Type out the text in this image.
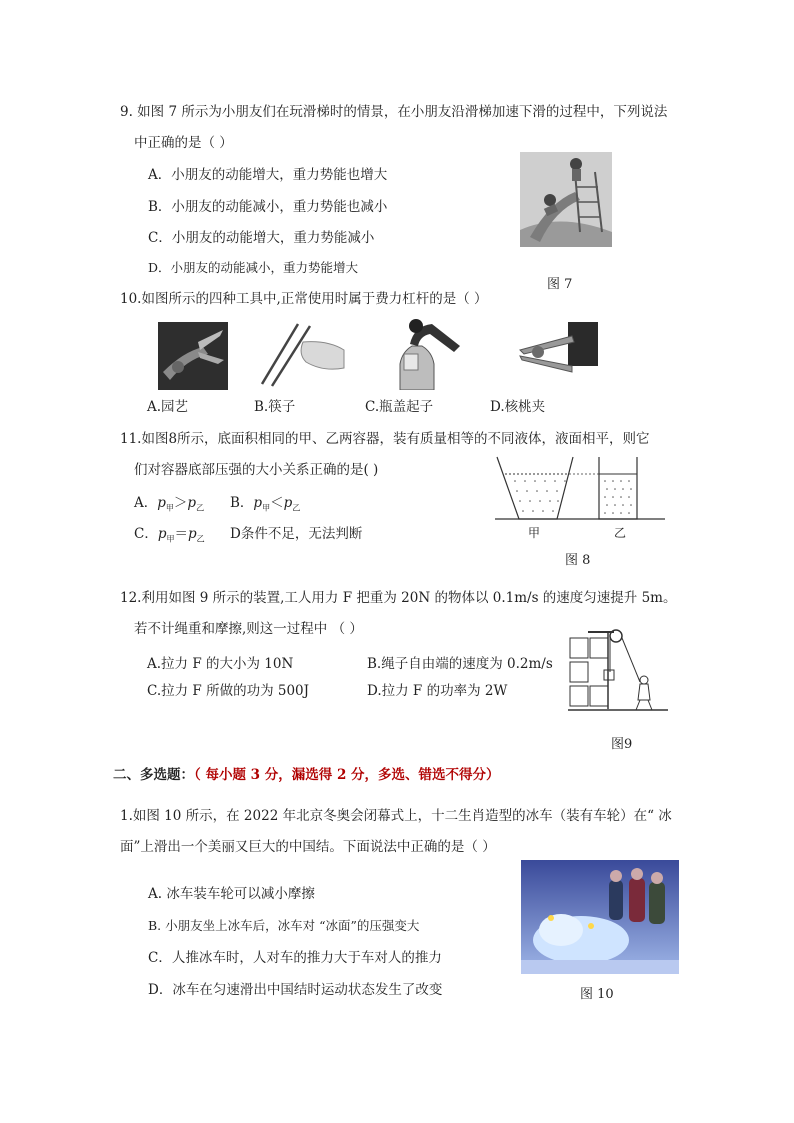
9. 如图 7 所示为小朋友们在玩滑梯时的情景，在小朋友沿滑梯加速下滑的过程中，下列说法
中正确的是（ ）
A．小朋友的动能增大，重力势能也增大
B．小朋友的动能减小，重力势能也减小
C．小朋友的动能增大，重力势能减小
D．小朋友的动能减小，重力势能增大
图 7
10.如图所示的四种工具中,正常使用时属于费力杠杆的是（ ）
A.园艺	B.筷子	C.瓶盖起子	D.核桃夹
11.如图8所示，底面积相同的甲、乙两容器，装有质量相等的不同液体，液面相平，则它
们对容器底部压强的大小关系正确的是( )
A．$p_甲>p_乙$ B．$p_甲<p_乙$
C．$p_甲=p_乙$ D条件不足，无法判断	甲	乙
图 8
12.利用如图 9 所示的装置,工人用力 F 把重为 20N 的物体以 0.1m/s 的速度匀速提升 5m。
若不计绳重和摩擦,则这一过程中 （ ）
A.拉力 F 的大小为 10N	B.绳子自由端的速度为 0.2m/s
C.拉力 F 所做的功为 500J	D.拉力 F 的功率为 2W
图9
二、多选题：（ 每小题 3 分，漏选得 2 分，多选、错选不得分）
1.如图 10 所示，在 2022 年北京冬奥会闭幕式上，十二生肖造型的冰车（装有车轮）在“ 冰
面”上滑出一个美丽又巨大的中国结。下面说法中正确的是（ ）
A. 冰车装车轮可以减小摩擦
B. 小朋友坐上冰车后，冰车对 “冰面”的压强变大
C．人推冰车时，人对车的推力大于车对人的推力
D．冰车在匀速滑出中国结时运动状态发生了改变	图 10
